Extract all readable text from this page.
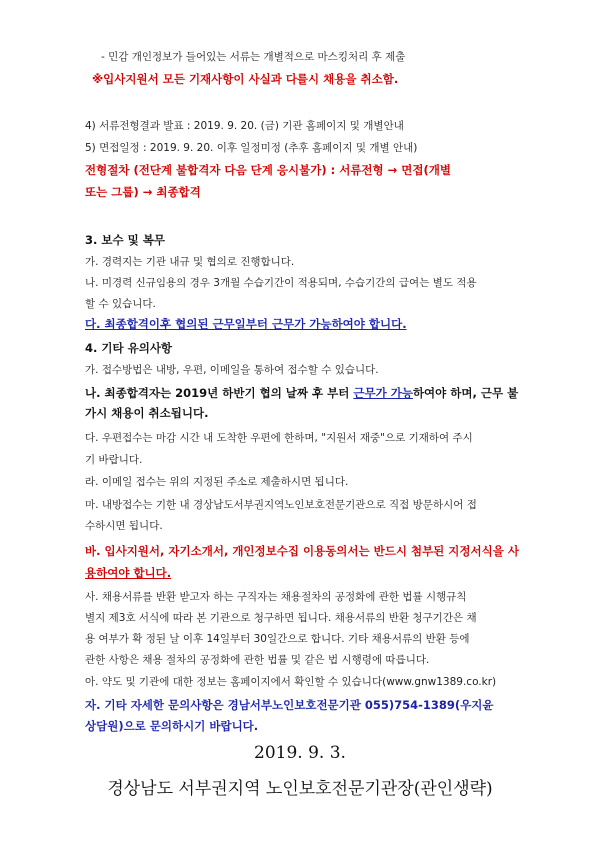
- 민감 개인정보가 들어있는 서류는 개별적으로 마스킹처리 후 제출
※입사지원서 모든 기재사항이 사실과 다를시 채용을 취소함.
4) 서류전형결과 발표 : 2019. 9. 20. (금) 기관 홈페이지 및 개별안내
5) 면접일정 : 2019. 9. 20. 이후 일정미정 (추후 홈페이지 및 개별 안내)
전형절차 (전단계 불합격자 다음 단계 응시불가) : 서류전형 → 면접(개별
또는 그룹) → 최종합격
3. 보수 및 복무
가. 경력지는 기관 내규 및 협의로 진행합니다.
나. 미경력 신규임용의 경우 3개월 수습기간이 적용되며, 수습기간의 급여는 별도 적용
할 수 있습니다.
다. 최종합격이후 협의된 근무일부터 근무가 가능하여야 합니다.
4. 기타 유의사항
가. 접수방법은 내방, 우편, 이메일을 통하여 접수할 수 있습니다.
나. 최종합격자는 2019년 하반기 협의 날짜 후 부터 근무가 가능하여야 하며, 근무 불
가시 채용이 취소됩니다.
다. 우편접수는 마감 시간 내 도착한 우편에 한하며, "지원서 재중"으로 기재하여 주시
기 바랍니다.
라. 이메일 접수는 위의 지정된 주소로 제출하시면 됩니다.
마. 내방접수는 기한 내 경상남도서부권지역노인보호전문기관으로 직접 방문하시어 접
수하시면 됩니다.
바. 입사지원서, 자기소개서, 개인정보수집 이용동의서는 반드시 첨부된 지정서식을 사
용하여야 합니다.
사. 채용서류를 반환 받고자 하는 구직자는 채용절차의 공정화에 관한 법률 시행규칙
별지 제3호 서식에 따라 본 기관으로 청구하면 됩니다. 채용서류의 반환 청구기간은 채
용 여부가 확 정된 날 이후 14일부터 30일간으로 합니다. 기타 채용서류의 반환 등에
관한 사항은 채용 절차의 공정화에 관한 법률 및 같은 법 시행령에 따릅니다.
아. 약도 및 기관에 대한 정보는 홈페이지에서 확인할 수 있습니다(www.gnw1389.co.kr)
자. 기타 자세한 문의사항은 경남서부노인보호전문기관 055)754-1389(우지윤
상담원)으로 문의하시기 바랍니다.
2019. 9. 3.
경상남도 서부권지역 노인보호전문기관장(관인생략)
